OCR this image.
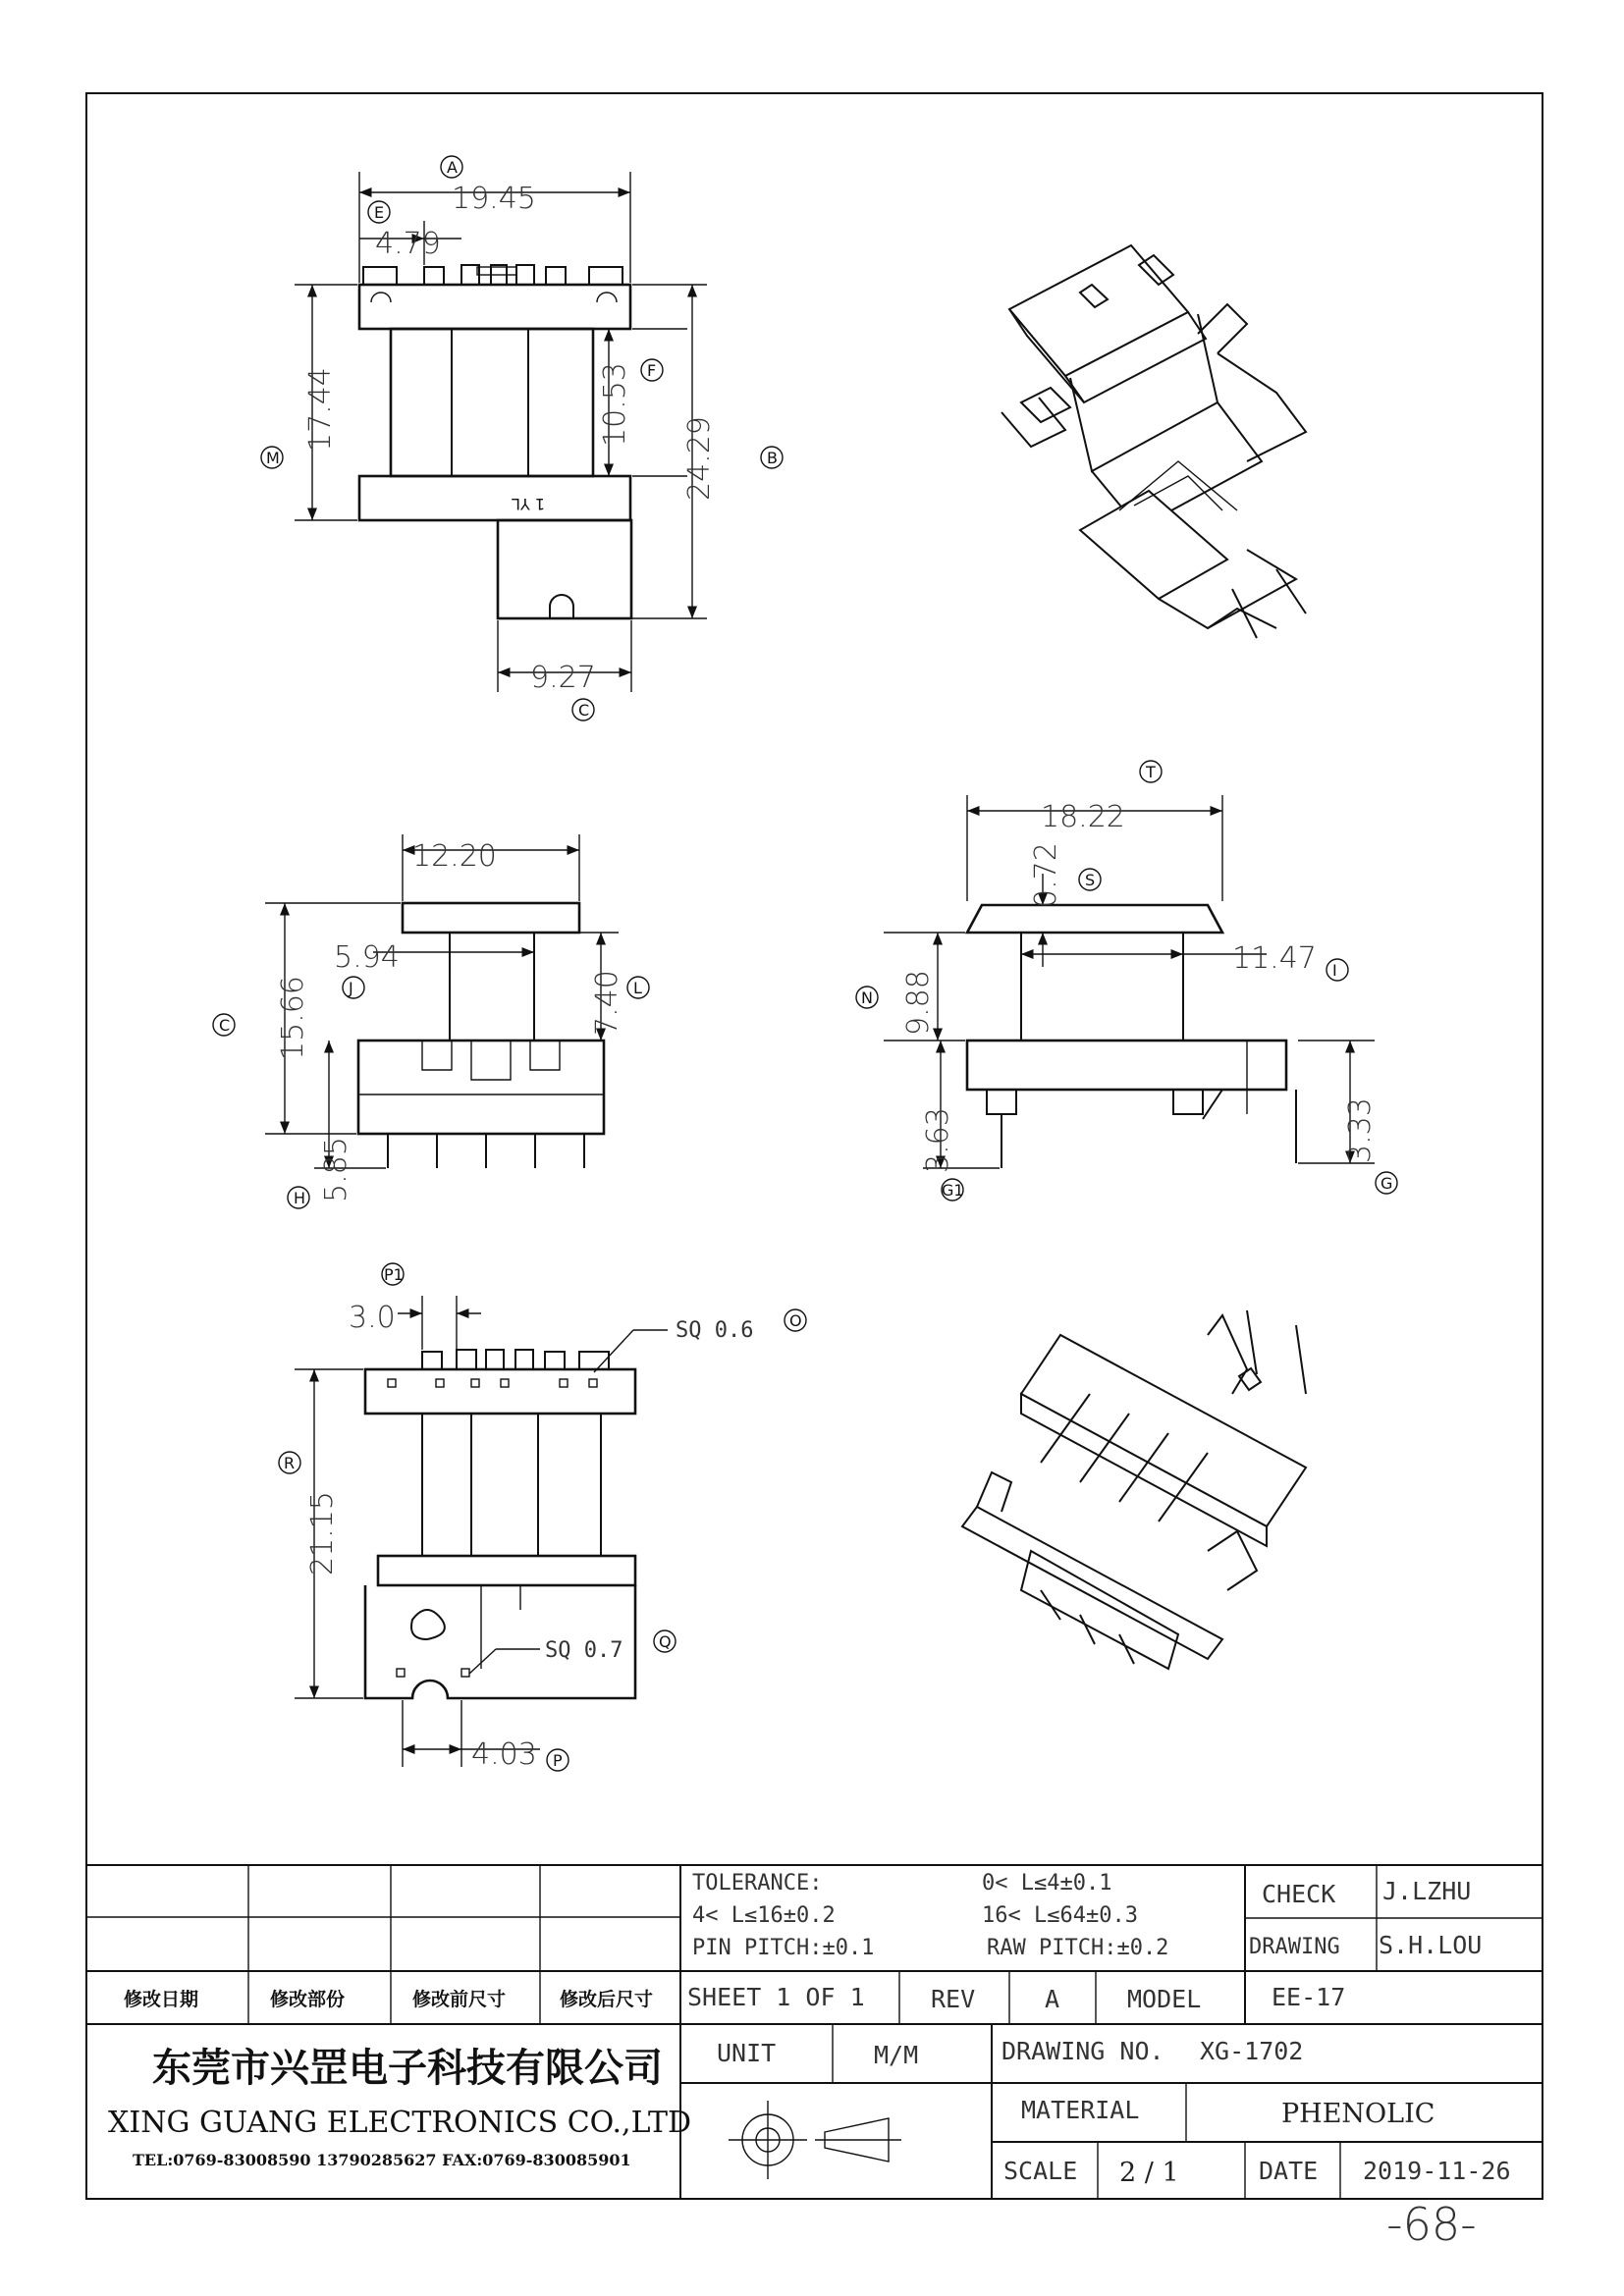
1 YL
19.45
4.79
17.44	10.53
24.29
9.27
A
E
M
F
B
C
12.20
5.94
7.40
15.66
5.85
C
J	L
H
18.22
0.72
11.47
9.88
3.63	3.33
T
S
I
N
G1	G
3.0	SQ 0.6
21.15
SQ 0.7
4.03
P1
O
R
Q
P
修改日期	修改部份	修改前尺寸	修改后尺寸
东莞市兴罡电子科技有限公司
XING GUANG ELECTRONICS CO.,LTD
TEL:0769-83008590 13790285627 FAX:0769-830085901
TOLERANCE:	0< L≤4±0.1
4< L≤16±0.2	16< L≤64±0.3
PIN PITCH:±0.1	RAW PITCH:±0.2
CHECK J.LZHU
DRAWING S.H.LOU
SHEET 1 OF 1	REV	A	MODEL	EE-17
UNIT	M/M	DRAWING NO. XG-1702
MATERIAL	PHENOLIC
SCALE 2 / 1	DATE 2019-11-26
-68-
